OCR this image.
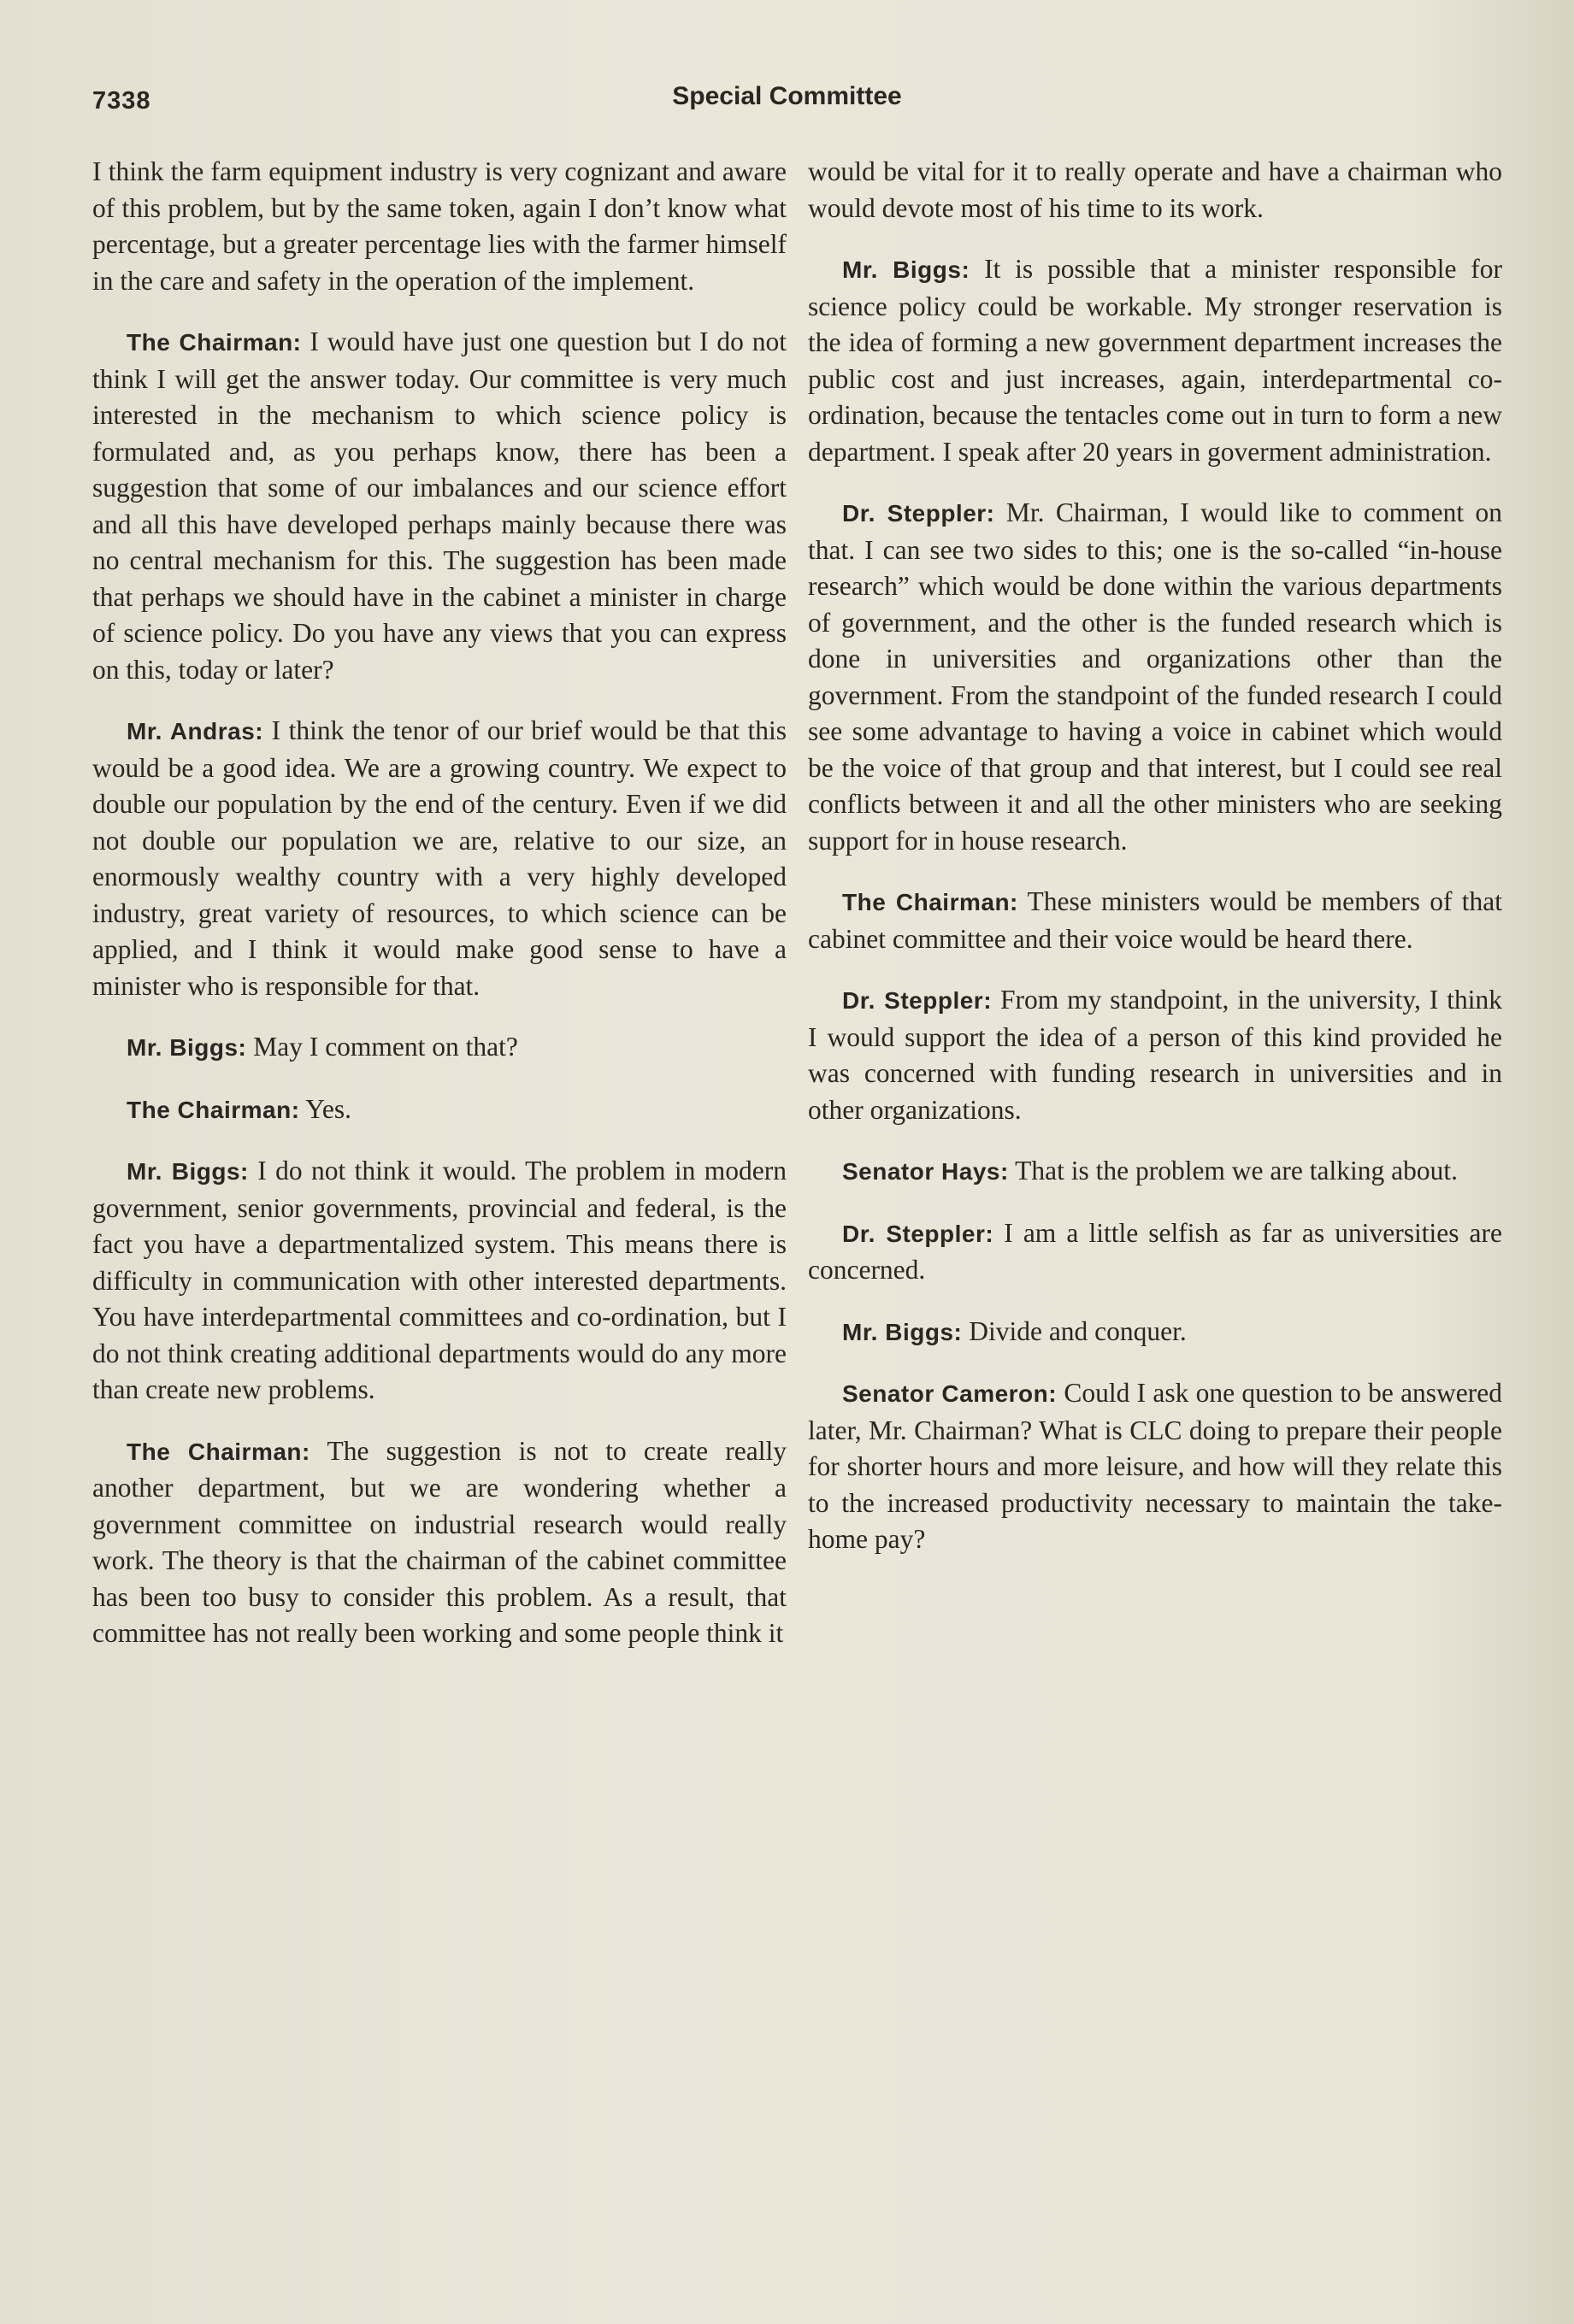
7338	Special Committee

I think the farm equipment industry is very cognizant and aware of this problem, but by the same token, again I don’t know what percentage, but a greater percentage lies with the farmer himself in the care and safety in the operation of the implement.

The Chairman: I would have just one question but I do not think I will get the answer today. Our committee is very much interested in the mechanism to which science policy is formulated and, as you perhaps know, there has been a suggestion that some of our imbalances and our science effort and all this have developed perhaps mainly because there was no central mechanism for this. The suggestion has been made that perhaps we should have in the cabinet a minister in charge of science policy. Do you have any views that you can express on this, today or later?

Mr. Andras: I think the tenor of our brief would be that this would be a good idea. We are a growing country. We expect to double our population by the end of the century. Even if we did not double our population we are, relative to our size, an enormously wealthy country with a very highly developed industry, great variety of resources, to which science can be applied, and I think it would make good sense to have a minister who is responsible for that.

Mr. Biggs: May I comment on that?

The Chairman: Yes.

Mr. Biggs: I do not think it would. The problem in modern government, senior governments, provincial and federal, is the fact you have a departmentalized system. This means there is difficulty in communication with other interested departments. You have interdepartmental committees and co-ordination, but I do not think creating additional departments would do any more than create new problems.

The Chairman: The suggestion is not to create really another department, but we are wondering whether a government committee on industrial research would really work. The theory is that the chairman of the cabinet committee has been too busy to consider this problem. As a result, that committee has not really been working and some people think it

would be vital for it to really operate and have a chairman who would devote most of his time to its work.

Mr. Biggs: It is possible that a minister responsible for science policy could be workable. My stronger reservation is the idea of forming a new government department increases the public cost and just increases, again, interdepartmental co-ordination, because the tentacles come out in turn to form a new department. I speak after 20 years in goverment administration.

Dr. Steppler: Mr. Chairman, I would like to comment on that. I can see two sides to this; one is the so-called “in-house research” which would be done within the various departments of government, and the other is the funded research which is done in universities and organizations other than the government. From the standpoint of the funded research I could see some advantage to having a voice in cabinet which would be the voice of that group and that interest, but I could see real conflicts between it and all the other ministers who are seeking support for in house research.

The Chairman: These ministers would be members of that cabinet committee and their voice would be heard there.

Dr. Steppler: From my standpoint, in the university, I think I would support the idea of a person of this kind provided he was concerned with funding research in universities and in other organizations.

Senator Hays: That is the problem we are talking about.

Dr. Steppler: I am a little selfish as far as universities are concerned.

Mr. Biggs: Divide and conquer.

Senator Cameron: Could I ask one question to be answered later, Mr. Chairman? What is CLC doing to prepare their people for shorter hours and more leisure, and how will they relate this to the increased productivity necessary to maintain the take-home pay?
